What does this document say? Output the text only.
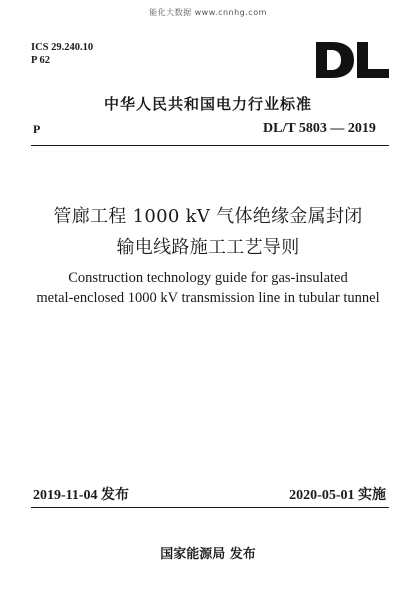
能化大数据 www.cnnhg.com
ICS 29.240.10
P 62
中华人民共和国电力行业标准
P	DL/T 5803 — 2019
管廊工程 1000 kV 气体绝缘金属封闭
输电线路施工工艺导则
Construction technology guide for gas-insulated
metal-enclosed 1000 kV transmission line in tubular tunnel
2019-11-04 发布	2020-05-01 实施
国家能源局 发布
